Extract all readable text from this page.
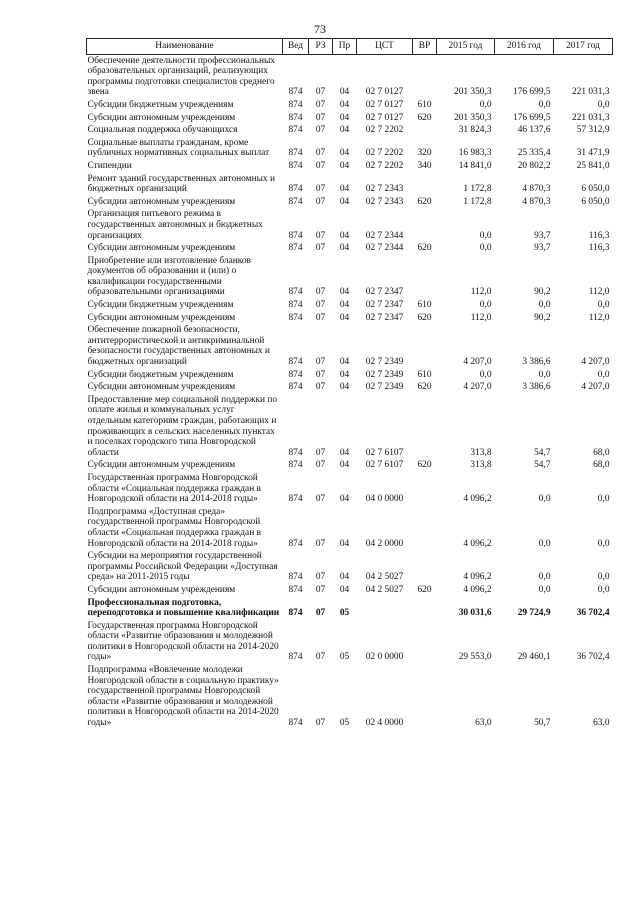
73
Наименование	Вед	РЗ	Пр	ЦСТ	ВР	2015 год	2016 год	2017 год
Обеспечение деятельности профессиональных образовательных организаций, реализующих программы подготовки специалистов среднего звена	874	07	04	02 7 0127		201 350,3	176 699,5	221 031,3
Субсидии бюджетным учреждениям	874	07	04	02 7 0127	610	0,0	0,0	0,0
Субсидии автономным учреждениям	874	07	04	02 7 0127	620	201 350,3	176 699,5	221 031,3
Социальная поддержка обучающихся	874	07	04	02 7 2202		31 824,3	46 137,6	57 312,9
Социальные выплаты гражданам, кроме публичных нормативных социальных выплат	874	07	04	02 7 2202	320	16 983,3	25 335,4	31 471,9
Стипендии	874	07	04	02 7 2202	340	14 841,0	20 802,2	25 841,0
Ремонт зданий государственных автономных и бюджетных организаций	874	07	04	02 7 2343		1 172,8	4 870,3	6 050,0
Субсидии автономным учреждениям	874	07	04	02 7 2343	620	1 172,8	4 870,3	6 050,0
Организация питьевого режима в государственных автономных и бюджетных организациях	874	07	04	02 7 2344		0,0	93,7	116,3
Субсидии автономным учреждениям	874	07	04	02 7 2344	620	0,0	93,7	116,3
Приобретение или изготовление бланков документов об образовании и (или) о квалификации государственными образовательными организациями	874	07	04	02 7 2347		112,0	90,2	112,0
Субсидии бюджетным учреждениям	874	07	04	02 7 2347	610	0,0	0,0	0,0
Субсидии автономным учреждениям	874	07	04	02 7 2347	620	112,0	90,2	112,0
Обеспечение пожарной безопасности, антитеррористической и антикриминальной безопасности государственных автономных и бюджетных организаций	874	07	04	02 7 2349		4 207,0	3 386,6	4 207,0
Субсидии бюджетным учреждениям	874	07	04	02 7 2349	610	0,0	0,0	0,0
Субсидии автономным учреждениям	874	07	04	02 7 2349	620	4 207,0	3 386,6	4 207,0
Предоставление мер социальной поддержки по оплате жилья и коммунальных услуг отдельным категориям граждан, работающих и проживающих в сельских населенных пунктах и поселках городского типа Новгородской области	874	07	04	02 7 6107		313,8	54,7	68,0
Субсидии автономным учреждениям	874	07	04	02 7 6107	620	313,8	54,7	68,0
Государственная программа Новгородской области «Социальная поддержка граждан в Новгородской области на 2014-2018 годы»	874	07	04	04 0 0000		4 096,2	0,0	0,0
Подпрограмма «Доступная среда» государственной программы Новгородской области «Социальная поддержка граждан в Новгородской области на 2014-2018 годы»	874	07	04	04 2 0000		4 096,2	0,0	0,0
Субсидии на мероприятия государственной программы Российской Федерации «Доступная среда» на 2011-2015 годы	874	07	04	04 2 5027		4 096,2	0,0	0,0
Субсидии автономным учреждениям	874	07	04	04 2 5027	620	4 096,2	0,0	0,0
Профессиональная подготовка, переподготовка и повышение квалификации	874	07	05			30 031,6	29 724,9	36 702,4
Государственная программа Новгородской области «Развитие образования и молодежной политики в Новгородской области на 2014-2020 годы»	874	07	05	02 0 0000		29 553,0	29 460,1	36 702,4
Подпрограмма «Вовлечение молодежи Новгородской области в социальную практику» государственной программы Новгородской области «Развитие образования и молодежной политики в Новгородской области на 2014-2020 годы»	874	07	05	02 4 0000		63,0	50,7	63,0
